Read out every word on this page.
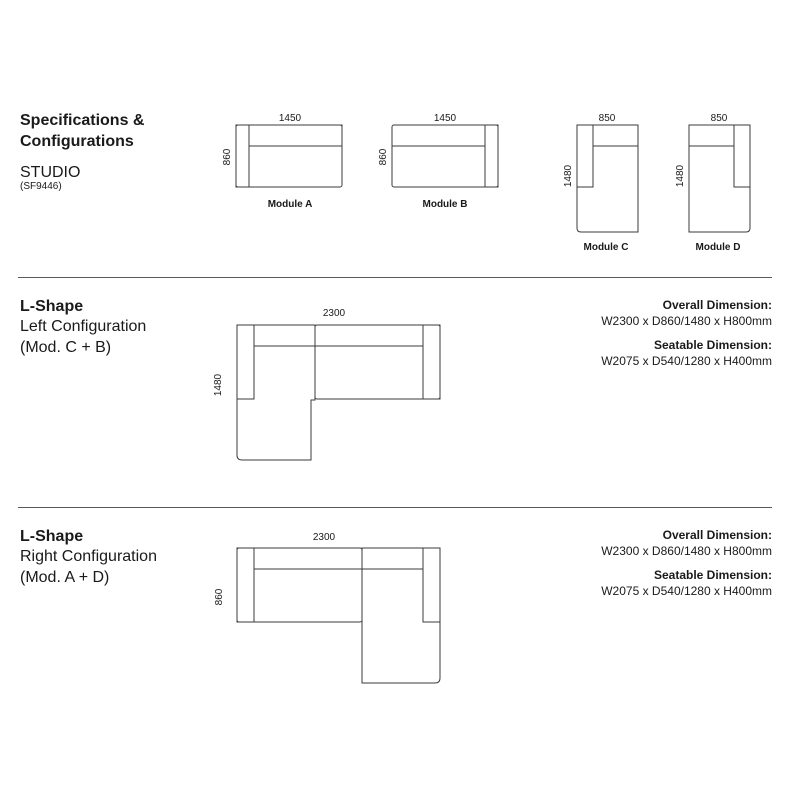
Specifications &
Configurations
STUDIO
(SF9446)
Module A	Module B
Module C	Module D
L-Shape
Left Configuration
(Mod. C + B)
Overall Dimension:
W2300 x D860/1480 x H800mm
Seatable Dimension:
W2075 x D540/1280 x H400mm
L-Shape
Right Configuration
(Mod. A + D)
Overall Dimension:
W2300 x D860/1480 x H800mm
Seatable Dimension:
W2075 x D540/1280 x H400mm
1450
860
1450
860
850
1480
850
1480
2300
1480
2300
860
